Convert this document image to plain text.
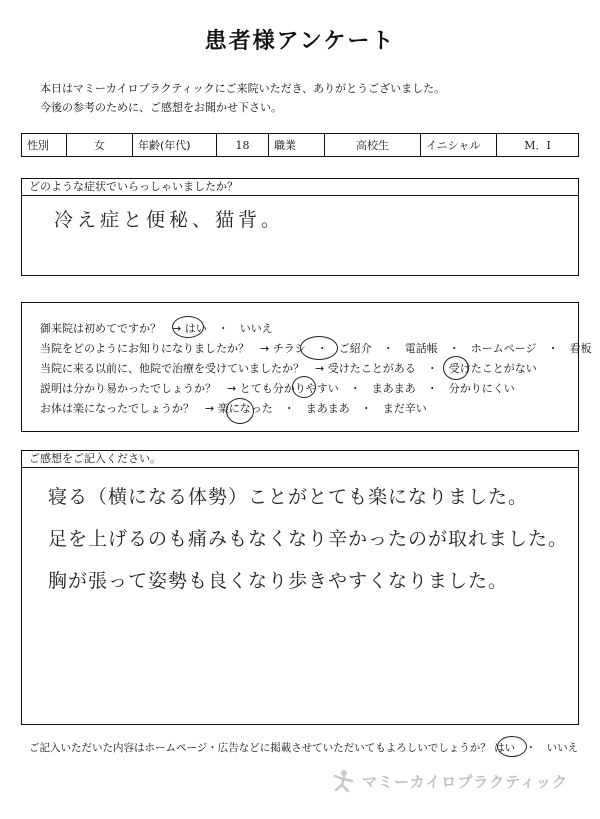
患者様アンケート
本日はマミーカイロプラクティックにご来院いただき、ありがとうございました。
今後の参考のために、ご感想をお聞かせ下さい。
性別	女	年齢(年代)	18	職業	高校生	イニシャル	M．I
どのような症状でいらっしゃいましたか？
冷え症と便秘、猫背。
御来院は初めてですか？　→ はい　・　いいえ
当院をどのようにお知りになりましたか？　→ チラシ　・　ご紹介　・　電話帳　・　ホームページ　・　看板
当院に来る以前に、他院で治療を受けていましたか？　→ 受けたことがある　・　受けたことがない
説明は分かり易かったでしょうか？　→ とても分かりやすい　・　まあまあ　・　分かりにくい
お体は楽になったでしょうか？　→ 楽になった　・　まあまあ　・　まだ辛い
ご感想をご記入ください。
寝る（横になる体勢）ことがとても楽になりました。
足を上げるのも痛みもなくなり辛かったのが取れました。
胸が張って姿勢も良くなり歩きやすくなりました。
ご記入いただいた内容はホームページ・広告などに掲載させていただいてもよろしいでしょうか？ はい　・　いいえ
マミーカイロプラクティック
